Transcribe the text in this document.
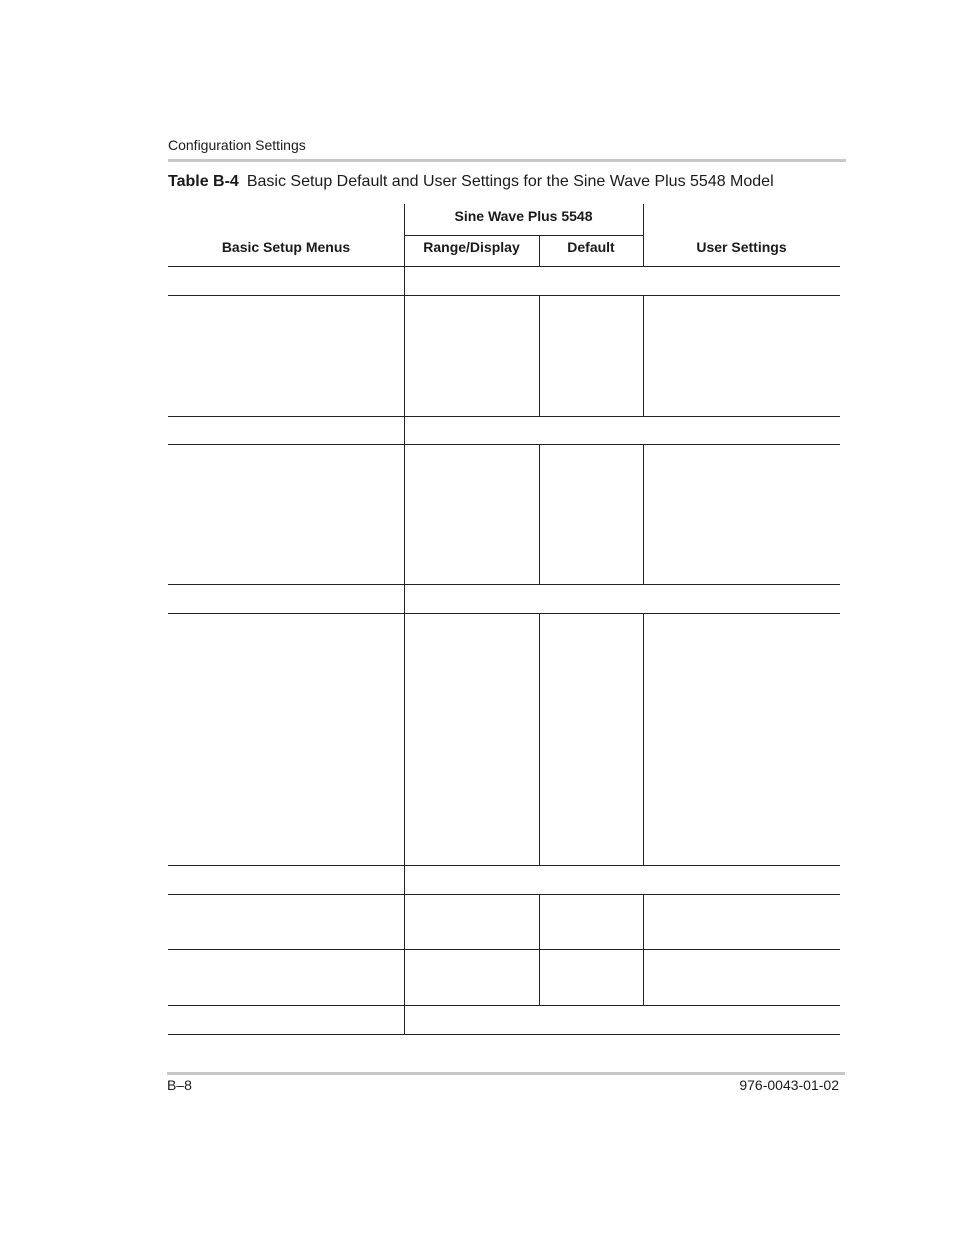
Configuration Settings
Table B-4 Basic Setup Default and User Settings for the Sine Wave Plus 5548 Model
Sine Wave Plus 5548
Basic Setup Menus	Range/Display	Default	User Settings
B–8	976-0043-01-02
